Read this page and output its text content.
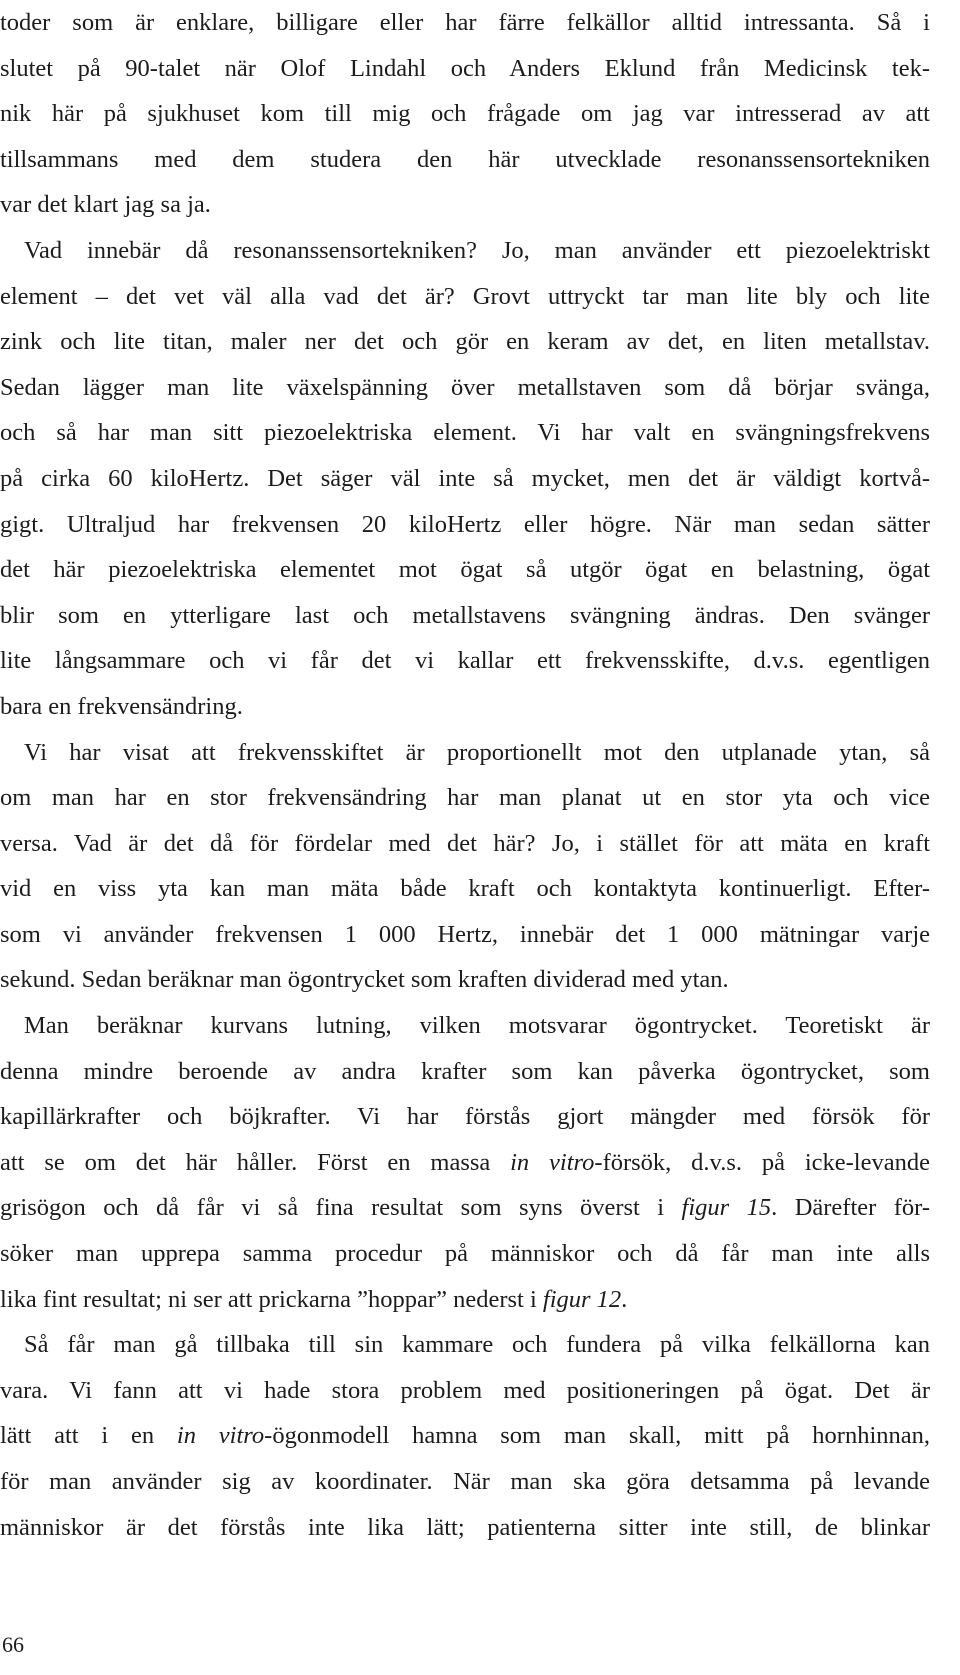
toder som är enklare, billigare eller har färre felkällor alltid intressanta. Så i
slutet på 90-talet när Olof Lindahl och Anders Eklund från Medicinsk tek-
nik här på sjukhuset kom till mig och frågade om jag var intresserad av att
tillsammans med dem studera den här utvecklade resonanssensortekniken
var det klart jag sa ja.
Vad innebär då resonanssensortekniken? Jo, man använder ett piezoelektriskt
element – det vet väl alla vad det är? Grovt uttryckt tar man lite bly och lite
zink och lite titan, maler ner det och gör en keram av det, en liten metallstav.
Sedan lägger man lite växelspänning över metallstaven som då börjar svänga,
och så har man sitt piezoelektriska element. Vi har valt en svängningsfrekvens
på cirka 60 kiloHertz. Det säger väl inte så mycket, men det är väldigt kortvå-
gigt. Ultraljud har frekvensen 20 kiloHertz eller högre. När man sedan sätter
det här piezoelektriska elementet mot ögat så utgör ögat en belastning, ögat
blir som en ytterligare last och metallstavens svängning ändras. Den svänger
lite långsammare och vi får det vi kallar ett frekvensskifte, d.v.s. egentligen
bara en frekvensändring.
Vi har visat att frekvensskiftet är proportionellt mot den utplanade ytan, så
om man har en stor frekvensändring har man planat ut en stor yta och vice
versa. Vad är det då för fördelar med det här? Jo, i stället för att mäta en kraft
vid en viss yta kan man mäta både kraft och kontaktyta kontinuerligt. Efter-
som vi använder frekvensen 1 000 Hertz, innebär det 1 000 mätningar varje
sekund. Sedan beräknar man ögontrycket som kraften dividerad med ytan.
Man beräknar kurvans lutning, vilken motsvarar ögontrycket. Teoretiskt är
denna mindre beroende av andra krafter som kan påverka ögontrycket, som
kapillärkrafter och böjkrafter. Vi har förstås gjort mängder med försök för
att se om det här håller. Först en massa in vitro-försök, d.v.s. på icke-levande
grisögon och då får vi så fina resultat som syns överst i figur 15. Därefter för-
söker man upprepa samma procedur på människor och då får man inte alls
lika fint resultat; ni ser att prickarna ”hoppar” nederst i figur 12.
Så får man gå tillbaka till sin kammare och fundera på vilka felkällorna kan
vara. Vi fann att vi hade stora problem med positioneringen på ögat. Det är
lätt att i en in vitro-ögonmodell hamna som man skall, mitt på hornhinnan,
för man använder sig av koordinater. När man ska göra detsamma på levande
människor är det förstås inte lika lätt; patienterna sitter inte still, de blinkar
66
